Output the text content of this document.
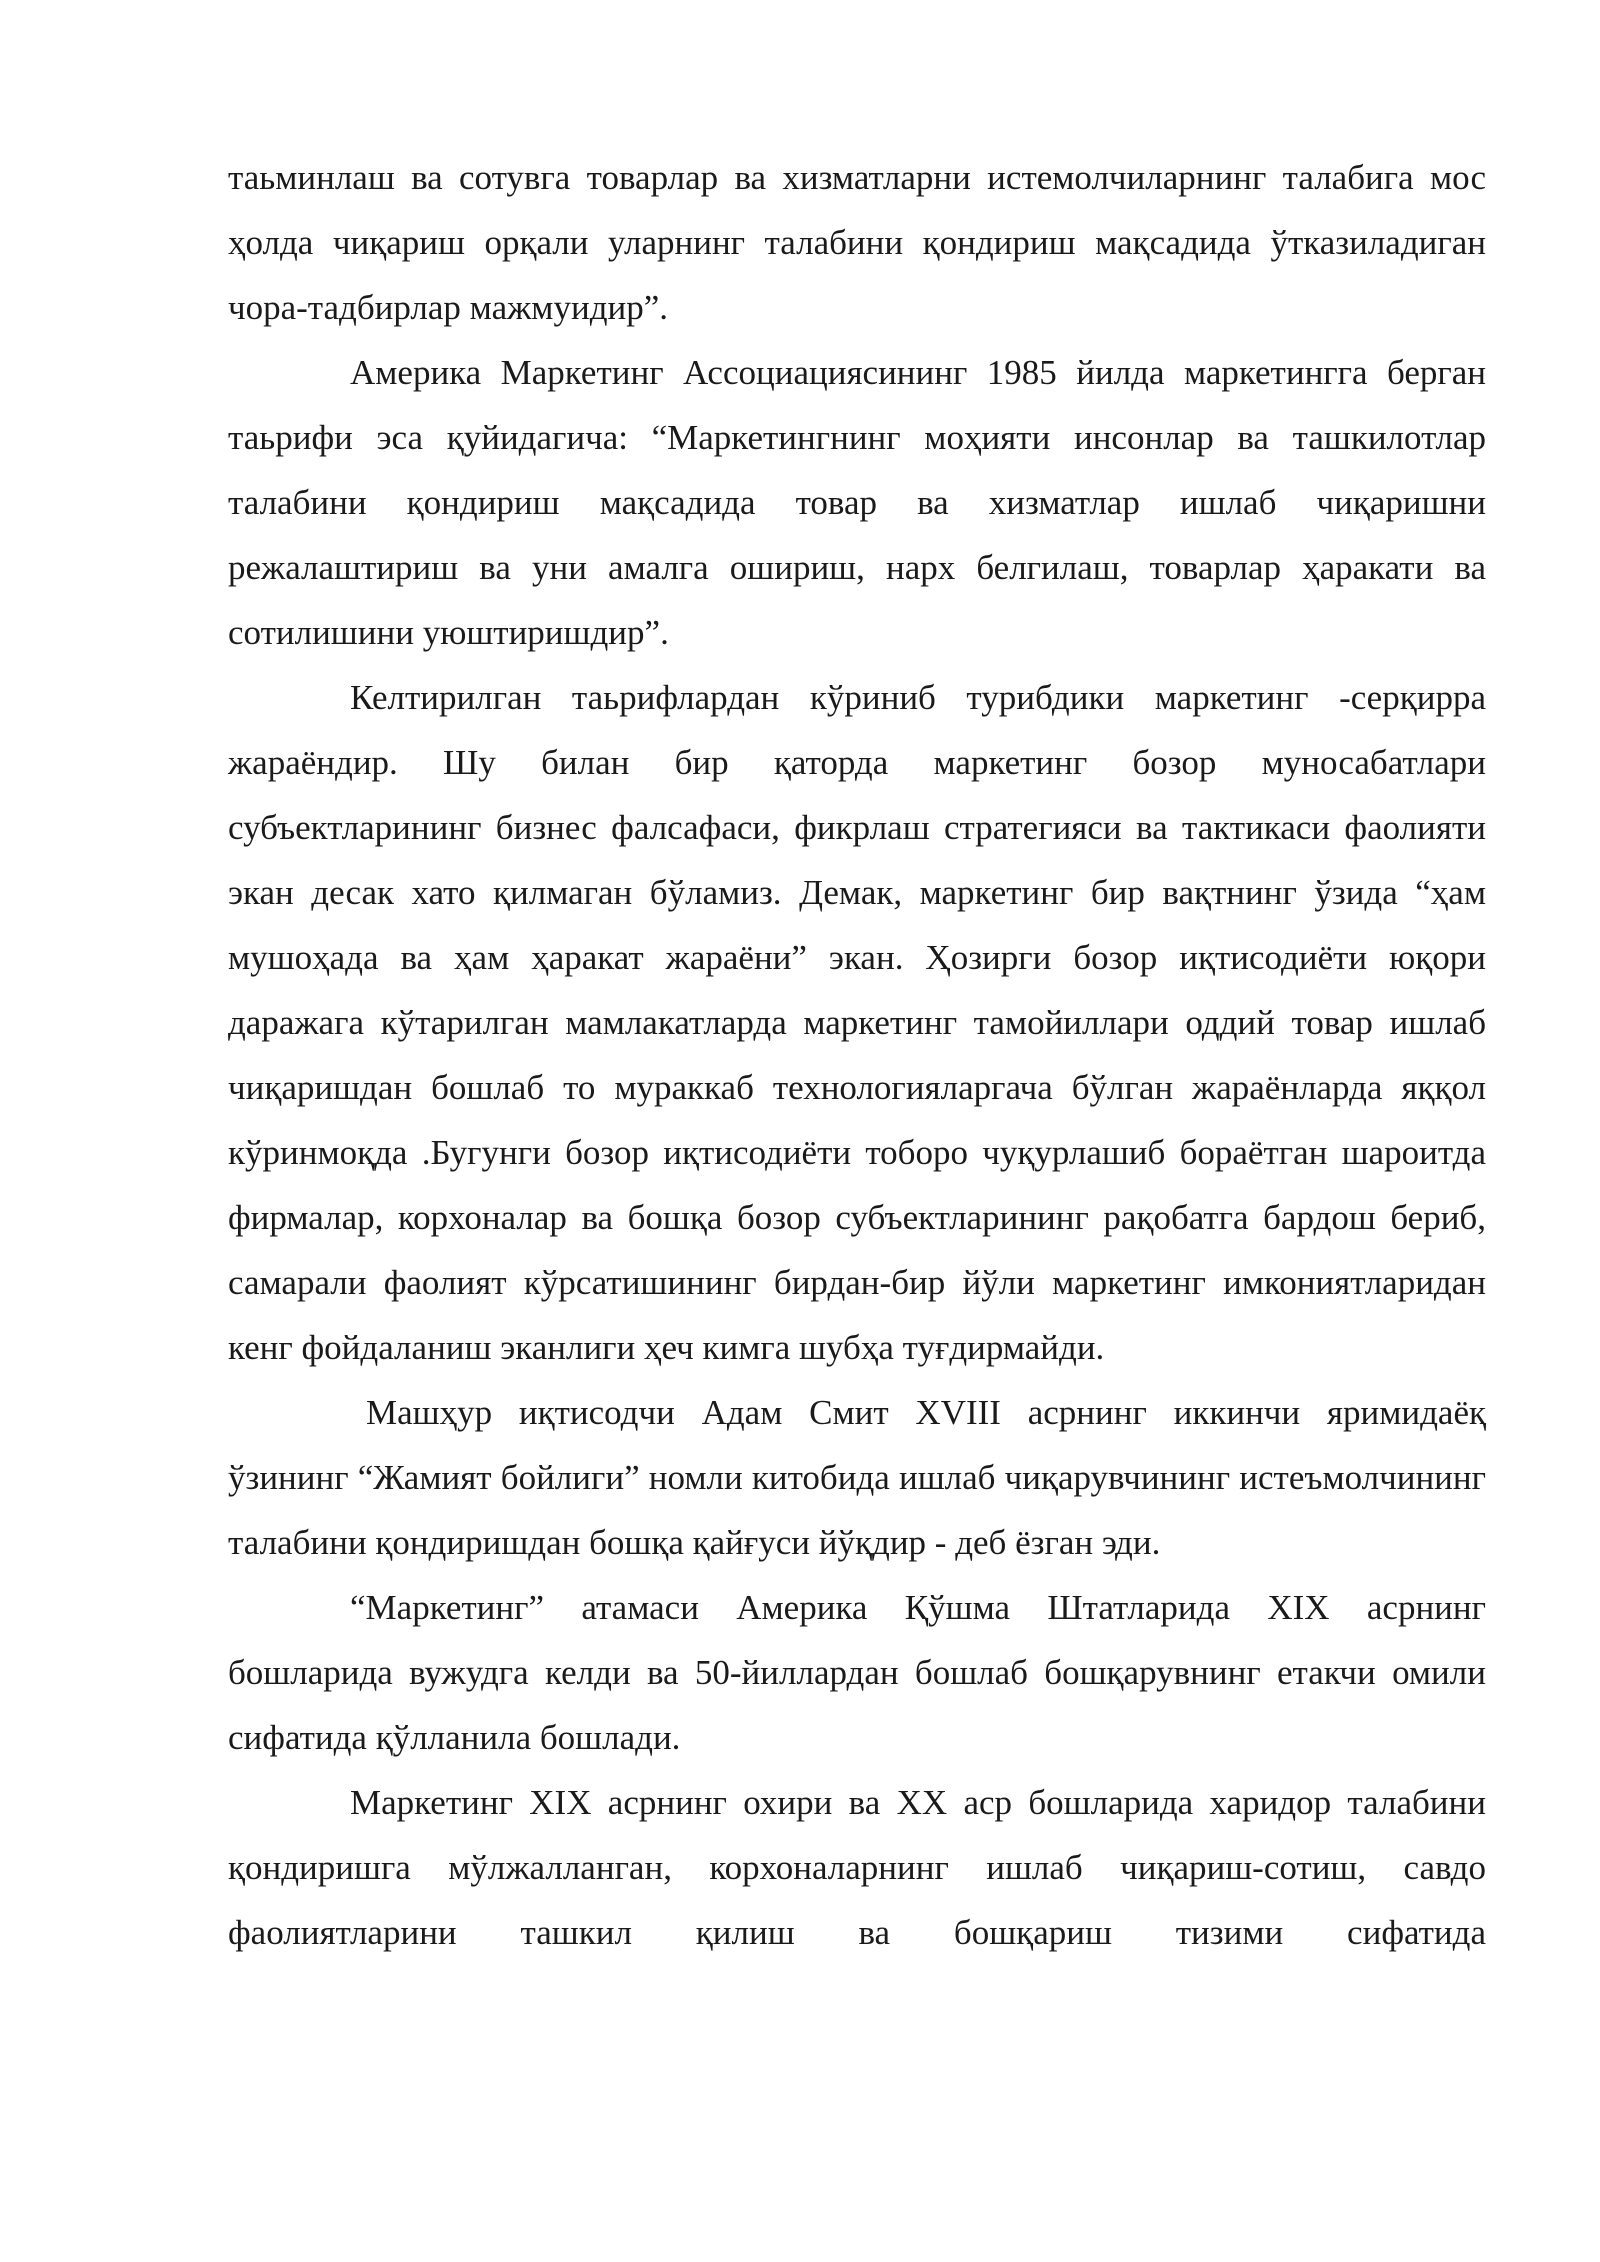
таьминлаш ва сотувга товарлар ва хизматларни истемолчиларнинг талабига мос ҳолда чиқариш орқали уларнинг талабини қондириш мақсадида ўтказиладиган чора-тадбирлар мажмуидир”.

Америка Маркетинг Ассоциациясининг 1985 йилда маркетингга берган таьрифи эса қуйидагича: “Маркетингнинг моҳияти инсонлар ва ташкилотлар талабини қондириш мақсадида товар ва хизматлар ишлаб чиқаришни режалаштириш ва уни амалга ошириш, нарх белгилаш, товарлар ҳаракати ва сотилишини уюштиришдир”.

Келтирилган таьрифлардан кўриниб турибдики маркетинг -серқирра жараёндир. Шу билан бир қаторда маркетинг бозор муносабатлари субъектларининг бизнес фалсафаси, фикрлаш стратегияси ва тактикаси фаолияти экан десак хато қилмаган бўламиз. Демак, маркетинг бир вақтнинг ўзида “ҳам мушоҳада ва ҳам ҳаракат жараёни” экан. Ҳозирги бозор иқтисодиёти юқори даражага кўтарилган мамлакатларда маркетинг тамойиллари оддий товар ишлаб чиқаришдан бошлаб то мураккаб технологияларгача бўлган жараёнларда яққол кўринмоқда .Бугунги бозор иқтисодиёти тоборо чуқурлашиб бораётган шароитда фирмалар, корхоналар ва бошқа бозор субъектларининг рақобатга бардош бериб, самарали фаолият кўрсатишининг бирдан-бир йўли маркетинг имкониятларидан кенг фойдаланиш эканлиги ҳеч кимга шубҳа туғдирмайди.

Машҳур иқтисодчи Адам Смит XVIII асрнинг иккинчи яримидаёқ ўзининг “Жамият бойлиги” номли китобида ишлаб чиқарувчининг истеъмолчининг талабини қондиришдан бошқа қайғуси йўқдир - деб ёзган эди.

“Маркетинг” атамаси Америка Қўшма Штатларида XIX асрнинг бошларида вужудга келди ва 50-йиллардан бошлаб бошқарувнинг етакчи омили сифатида қўлланила бошлади.

Маркетинг XIX асрнинг охири ва XX аср бошларида харидор талабини қондиришга мўлжалланган, корхоналарнинг ишлаб чиқариш-сотиш, савдо фаолиятларини ташкил қилиш ва бошқариш тизими сифатида
